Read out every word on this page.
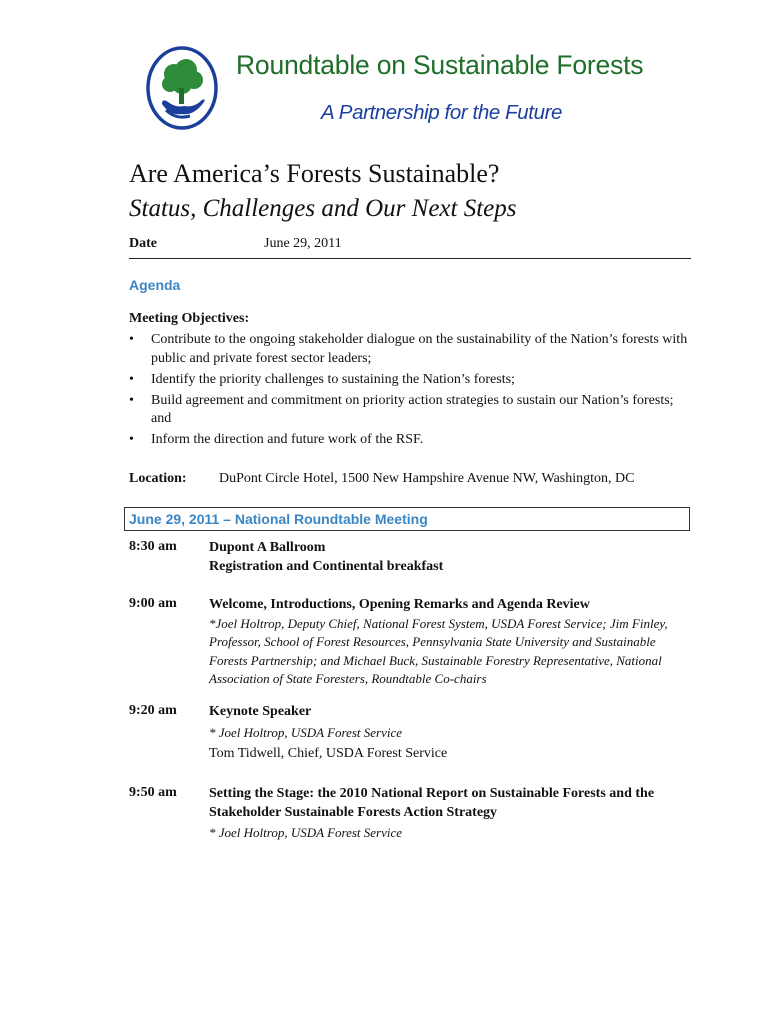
Roundtable on Sustainable Forests
A Partnership for the Future
Are America’s Forests Sustainable?
Status, Challenges and Our Next Steps
Date	June 29, 2011
Agenda
Meeting Objectives:
• Contribute to the ongoing stakeholder dialogue on the sustainability of the Nation’s forests with public and private forest sector leaders;
• Identify the priority challenges to sustaining the Nation’s forests;
• Build agreement and commitment on priority action strategies to sustain our Nation’s forests; and
• Inform the direction and future work of the RSF.
Location: DuPont Circle Hotel, 1500 New Hampshire Avenue NW, Washington, DC
June 29, 2011 – National Roundtable Meeting
8:30 am Dupont A Ballroom
Registration and Continental breakfast
9:00 am Welcome, Introductions, Opening Remarks and Agenda Review
*Joel Holtrop, Deputy Chief, National Forest System, USDA Forest Service; Jim Finley, Professor, School of Forest Resources, Pennsylvania State University and Sustainable Forests Partnership; and Michael Buck, Sustainable Forestry Representative, National Association of State Foresters, Roundtable Co-chairs
9:20 am Keynote Speaker
* Joel Holtrop, USDA Forest Service
Tom Tidwell, Chief, USDA Forest Service
9:50 am Setting the Stage: the 2010 National Report on Sustainable Forests and the Stakeholder Sustainable Forests Action Strategy
* Joel Holtrop, USDA Forest Service
